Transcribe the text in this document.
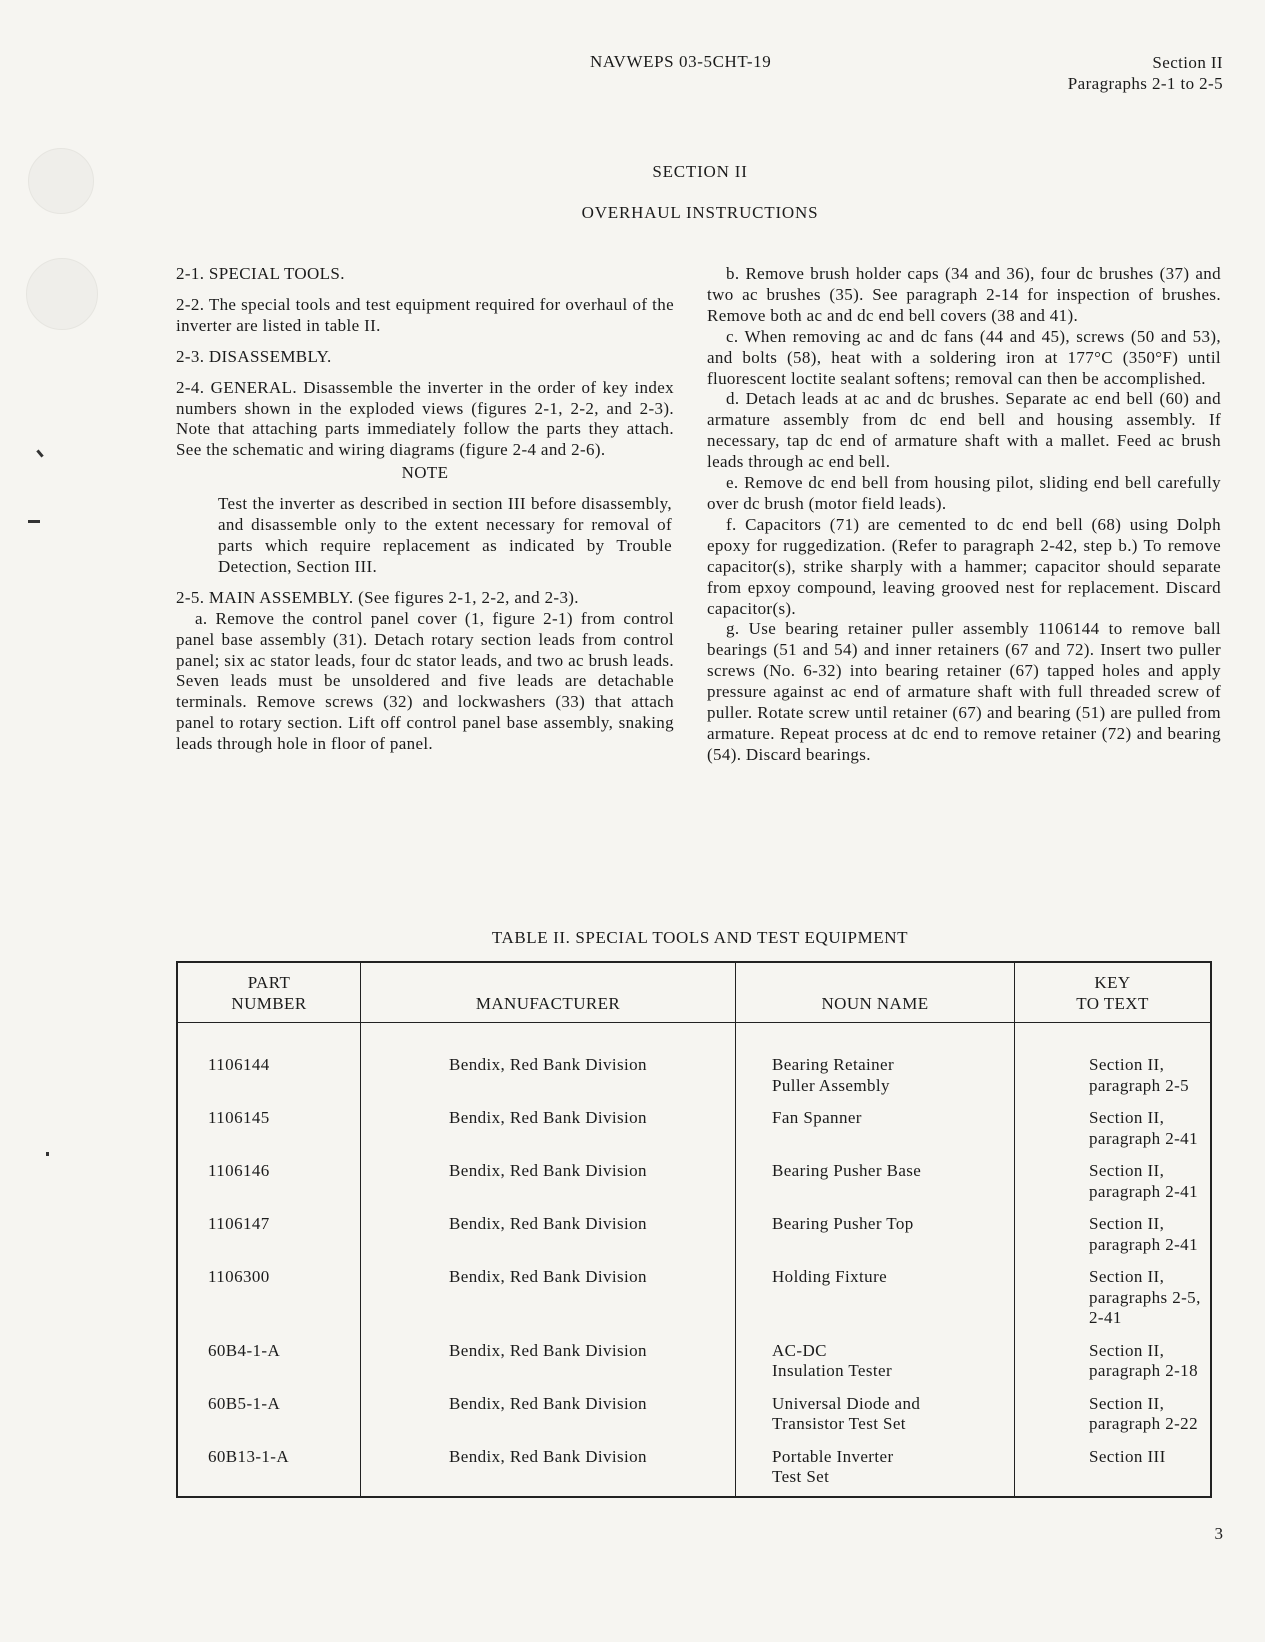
NAVWEPS 03-5CHT-19	Section II
Paragraphs 2-1 to 2-5
SECTION II
OVERHAUL INSTRUCTIONS

2-1. SPECIAL TOOLS.

2-2. The special tools and test equipment required for overhaul of the inverter are listed in table II.

2-3. DISASSEMBLY.

2-4. GENERAL. Disassemble the inverter in the order of key index numbers shown in the exploded views (figures 2-1, 2-2, and 2-3). Note that attaching parts immediately follow the parts they attach. See the schematic and wiring diagrams (figure 2-4 and 2-6).

NOTE

Test the inverter as described in section III before disassembly, and disassemble only to the extent necessary for removal of parts which require replacement as indicated by Trouble Detection, Section III.

2-5. MAIN ASSEMBLY. (See figures 2-1, 2-2, and 2-3).

a. Remove the control panel cover (1, figure 2-1) from control panel base assembly (31). Detach rotary section leads from control panel; six ac stator leads, four dc stator leads, and two ac brush leads. Seven leads must be unsoldered and five leads are detachable terminals. Remove screws (32) and lockwashers (33) that attach panel to rotary section. Lift off control panel base assembly, snaking leads through hole in floor of panel.

b. Remove brush holder caps (34 and 36), four dc brushes (37) and two ac brushes (35). See paragraph 2-14 for inspection of brushes. Remove both ac and dc end bell covers (38 and 41).

c. When removing ac and dc fans (44 and 45), screws (50 and 53), and bolts (58), heat with a soldering iron at 177°C (350°F) until fluorescent loctite sealant softens; removal can then be accomplished.

d. Detach leads at ac and dc brushes. Separate ac end bell (60) and armature assembly from dc end bell and housing assembly. If necessary, tap dc end of armature shaft with a mallet. Feed ac brush leads through ac end bell.

e. Remove dc end bell from housing pilot, sliding end bell carefully over dc brush (motor field leads).

f. Capacitors (71) are cemented to dc end bell (68) using Dolph epoxy for ruggedization. (Refer to paragraph 2-42, step b.) To remove capacitor(s), strike sharply with a hammer; capacitor should separate from epxoy compound, leaving grooved nest for replacement. Discard capacitor(s).

g. Use bearing retainer puller assembly 1106144 to remove ball bearings (51 and 54) and inner retainers (67 and 72). Insert two puller screws (No. 6-32) into bearing retainer (67) tapped holes and apply pressure against ac end of armature shaft with full threaded screw of puller. Rotate screw until retainer (67) and bearing (51) are pulled from armature. Repeat process at dc end to remove retainer (72) and bearing (54). Discard bearings.

TABLE II. SPECIAL TOOLS AND TEST EQUIPMENT
PART
NUMBER	MANUFACTURER	NOUN NAME	KEY
TO TEXT
1106144	Bendix, Red Bank Division	Bearing Retainer
Puller Assembly	Section II,
paragraph 2-5
1106145	Bendix, Red Bank Division	Fan Spanner	Section II,
paragraph 2-41
1106146	Bendix, Red Bank Division	Bearing Pusher Base	Section II,
paragraph 2-41
1106147	Bendix, Red Bank Division	Bearing Pusher Top	Section II,
paragraph 2-41
1106300	Bendix, Red Bank Division	Holding Fixture	Section II,
paragraphs 2-5,
2-41
60B4-1-A	Bendix, Red Bank Division	AC-DC
Insulation Tester	Section II,
paragraph 2-18
60B5-1-A	Bendix, Red Bank Division	Universal Diode and
Transistor Test Set	Section II,
paragraph 2-22
60B13-1-A	Bendix, Red Bank Division	Portable Inverter
Test Set	Section III
3
